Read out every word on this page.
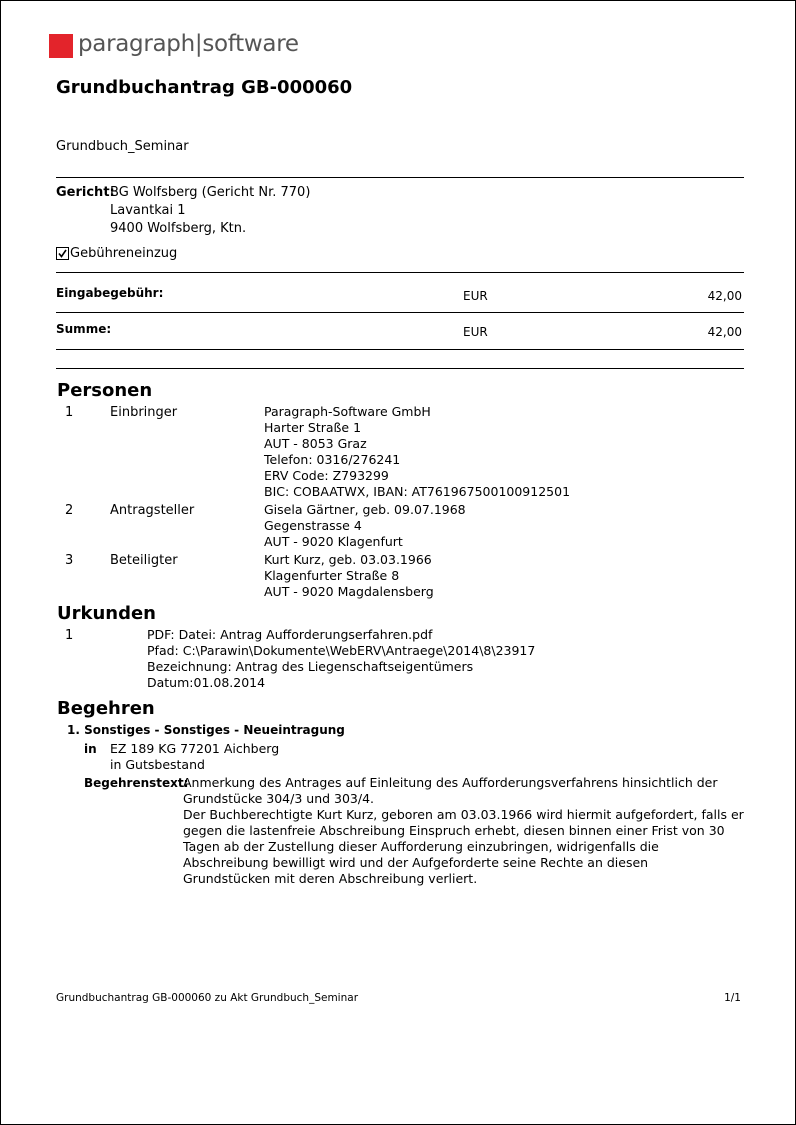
paragraph|software
Grundbuchantrag GB-000060
Grundbuch_Seminar
Gericht:
BG Wolfsberg (Gericht Nr. 770)
Lavantkai 1
9400 Wolfsberg, Ktn.
Gebühreneinzug
Eingabegebühr:	EUR	42,00
Summe:	EUR	42,00
Personen
1	Einbringer	Paragraph-Software GmbH
Harter Straße 1
AUT - 8053 Graz
Telefon: 0316/276241
ERV Code: Z793299
BIC: COBAATWX, IBAN: AT761967500100912501
2	Antragsteller	Gisela Gärtner, geb. 09.07.1968
Gegenstrasse 4
AUT - 9020 Klagenfurt
3	Beteiligter	Kurt Kurz, geb. 03.03.1966
Klagenfurter Straße 8
AUT - 9020 Magdalensberg
Urkunden
1	PDF: Datei: Antrag Aufforderungserfahren.pdf
Pfad: C:\Parawin\Dokumente\WebERV\Antraege\2014\8\23917
Bezeichnung: Antrag des Liegenschaftseigentümers
Datum:01.08.2014
Begehren
1. Sonstiges - Sonstiges - Neueintragung
in EZ 189 KG 77201 Aichberg
in Gutsbestand
Begehrenstext:
Anmerkung des Antrages auf Einleitung des Aufforderungsverfahrens hinsichtlich der
Grundstücke 304/3 und 303/4.
Der Buchberechtigte Kurt Kurz, geboren am 03.03.1966 wird hiermit aufgefordert, falls er
gegen die lastenfreie Abschreibung Einspruch erhebt, diesen binnen einer Frist von 30
Tagen ab der Zustellung dieser Aufforderung einzubringen, widrigenfalls die
Abschreibung bewilligt wird und der Aufgeforderte seine Rechte an diesen
Grundstücken mit deren Abschreibung verliert.
Grundbuchantrag GB-000060 zu Akt Grundbuch_Seminar	1/1
